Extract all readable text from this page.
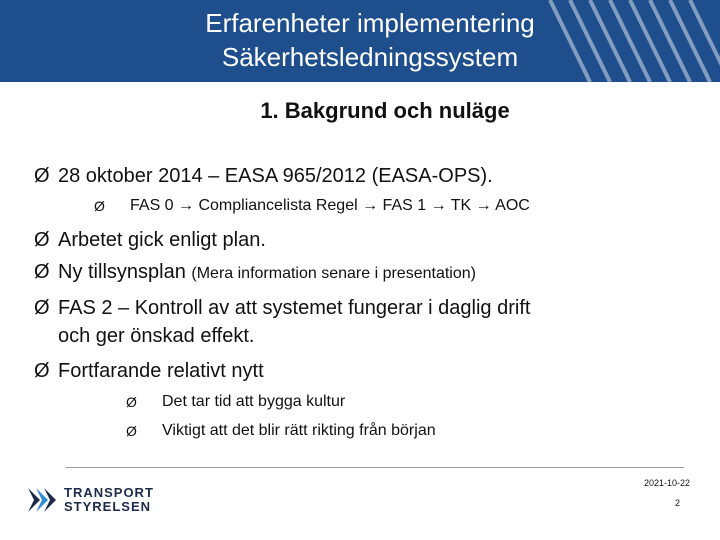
Erfarenheter implementering
Säkerhetsledningssystem
1. Bakgrund och nuläge
Ø 28 oktober 2014 – EASA 965/2012 (EASA-OPS).
Ø	FAS 0 → Compliancelista Regel → FAS 1 → TK → AOC
Ø Arbetet gick enligt plan.
Ø Ny tillsynsplan (Mera information senare i presentation)
Ø FAS 2 – Kontroll av att systemet fungerar i daglig drift
och ger önskad effekt.
Ø Fortfarande relativt nytt
Ø	Det tar tid att bygga kultur
Ø	Viktigt att det blir rätt rikting från början
2021-10-22
2
TRANSPORT
STYRELSEN
